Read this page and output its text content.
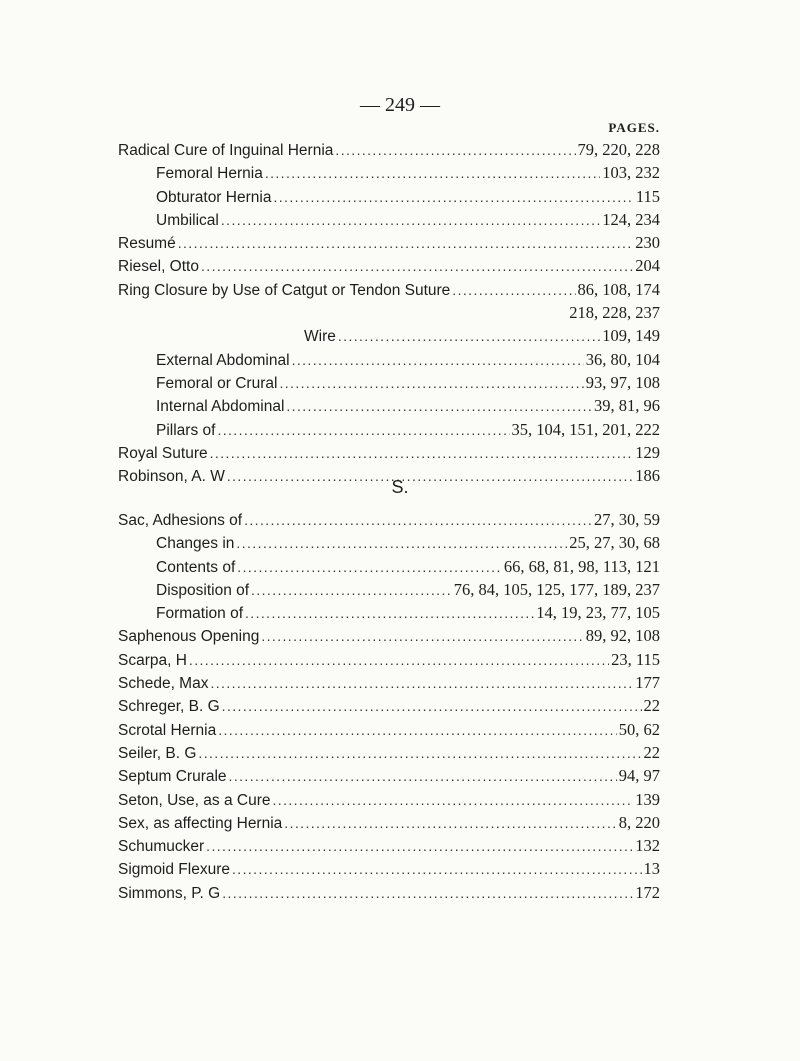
— 249 —
PAGES.
Radical Cure of Inguinal Hernia .....	79, 220, 228
Femoral Hernia .....	103, 232
Obturator Hernia .....	115
Umbilical .....	124, 234
Resumé .....	230
Riesel, Otto .....	204
Ring Closure by Use of Catgut or Tendon Suture .....	86, 108, 174
218, 228, 237
Wire .....	109, 149
External Abdominal .....	36, 80, 104
Femoral or Crural .....	93, 97, 108
Internal Abdominal .....	39, 81, 96
Pillars of .....	35, 104, 151, 201, 222
Royal Suture .....	129
Robinson, A. W .....	186
S.
Sac, Adhesions of .....	27, 30, 59
Changes in .....	25, 27, 30, 68
Contents of .....	66, 68, 81, 98, 113, 121
Disposition of .....	76, 84, 105, 125, 177, 189, 237
Formation of .....	14, 19, 23, 77, 105
Saphenous Opening .....	89, 92, 108
Scarpa, H .....	23, 115
Schede, Max .....	177
Schreger, B. G .....	22
Scrotal Hernia .....	50, 62
Seiler, B. G .....	22
Septum Crurale .....	94, 97
Seton, Use, as a Cure .....	139
Sex, as affecting Hernia .....	8, 220
Schumucker .....	132
Sigmoid Flexure .....	13
Simmons, P. G .....	172
